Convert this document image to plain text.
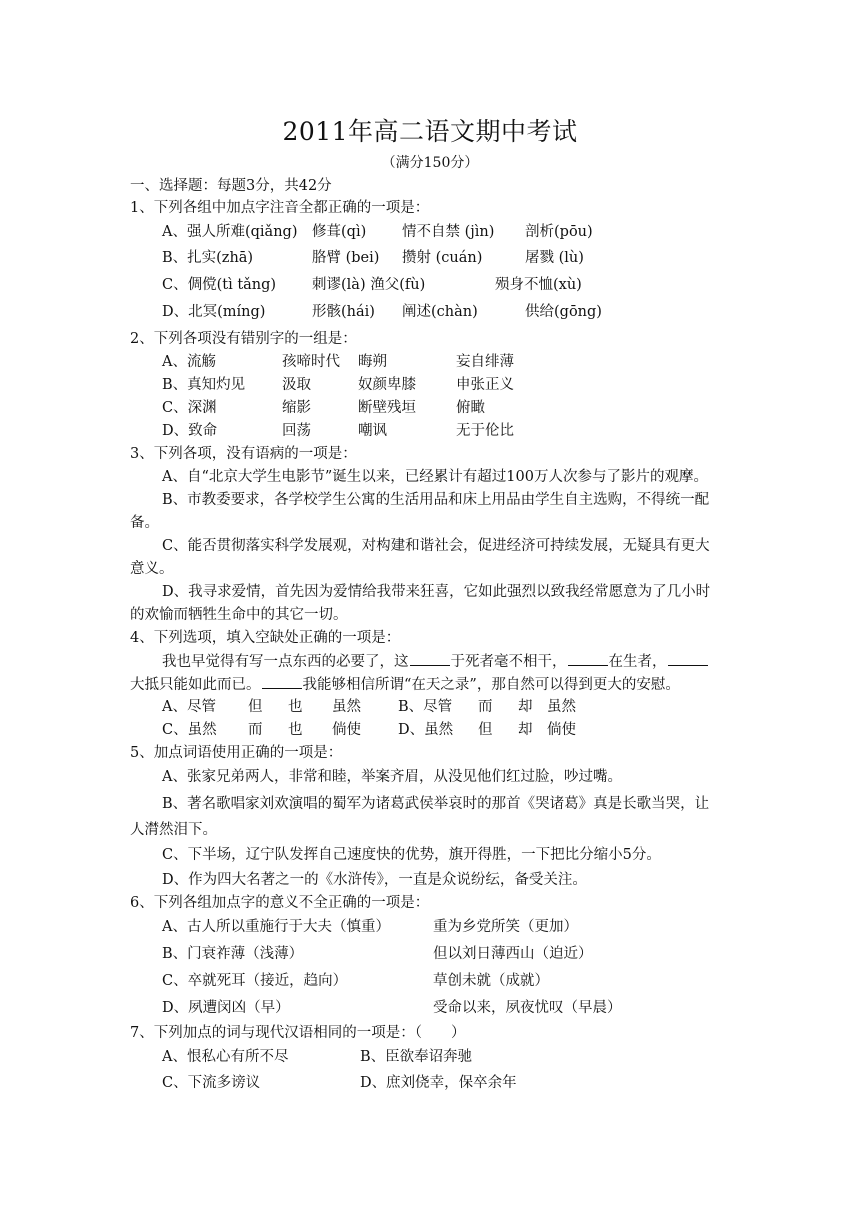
2011年高二语文期中考试
（满分150分）
一、选择题：每题3分，共42分
1、下列各组中加点字注音全都正确的一项是：
A、强人所难(qiǎng) 修葺(qì) 情不自禁 (jìn) 剖析(pōu)
B、扎实(zhā)	胳臂 (bei) 攒射 (cuán)	屠戮 (lù)
C、倜傥(tì tǎng) 刺谬(là) 渔父(fù)	殒身不恤(xù)
D、北冥(míng)	形骸(hái) 阐述(chàn)	供给(gōng)
2、下列各项没有错别字的一组是：
A、流觞	孩啼时代 晦朔	妄自绯薄
B、真知灼见	汲取	奴颜卑膝	申张正义
C、深渊	缩影	断壁残垣	俯瞰
D、致命	回荡	嘲讽	无于伦比
3、下列各项，没有语病的一项是：
A、自“北京大学生电影节”诞生以来，已经累计有超过100万人次参与了影片的观摩。
B、市教委要求，各学校学生公寓的生活用品和床上用品由学生自主选购，不得统一配
备。
C、能否贯彻落实科学发展观，对构建和谐社会，促进经济可持续发展，无疑具有更大
意义。
D、我寻求爱情，首先因为爱情给我带来狂喜，它如此强烈以致我经常愿意为了几小时
的欢愉而牺牲生命中的其它一切。
4、下列选项，填入空缺处正确的一项是：
我也早觉得有写一点东西的必要了，这	于死者毫不相干，	在生者，
大抵只能如此而已。	我能够相信所谓“在天之录”，那自然可以得到更大的安慰。
A、尽管 但 也 虽然	B、尽管 而 却 虽然
C、虽然 而 也 倘使	D、虽然 但 却 倘使
5、加点词语使用正确的一项是：
A、张家兄弟两人，非常和睦，举案齐眉，从没见他们红过脸，吵过嘴。
B、著名歌唱家刘欢演唱的蜀军为诸葛武侯举哀时的那首《哭诸葛》真是长歌当哭，让
人潸然泪下。
C、下半场，辽宁队发挥自己速度快的优势，旗开得胜，一下把比分缩小5分。
D、作为四大名著之一的《水浒传》，一直是众说纷纭，备受关注。
6、下列各组加点字的意义不全正确的一项是：
A、古人所以重施行于大夫（慎重）	重为乡党所笑（更加）
B、门衰祚薄（浅薄）	但以刘日薄西山（迫近）
C、卒就死耳（接近，趋向）	草创未就（成就）
D、夙遭闵凶（早）	受命以来，夙夜忧叹（早晨）
7、下列加点的词与现代汉语相同的一项是：（　　）
A、恨私心有所不尽	B、臣欲奉诏奔驰
C、下流多谤议	D、庶刘侥幸，保卒余年
